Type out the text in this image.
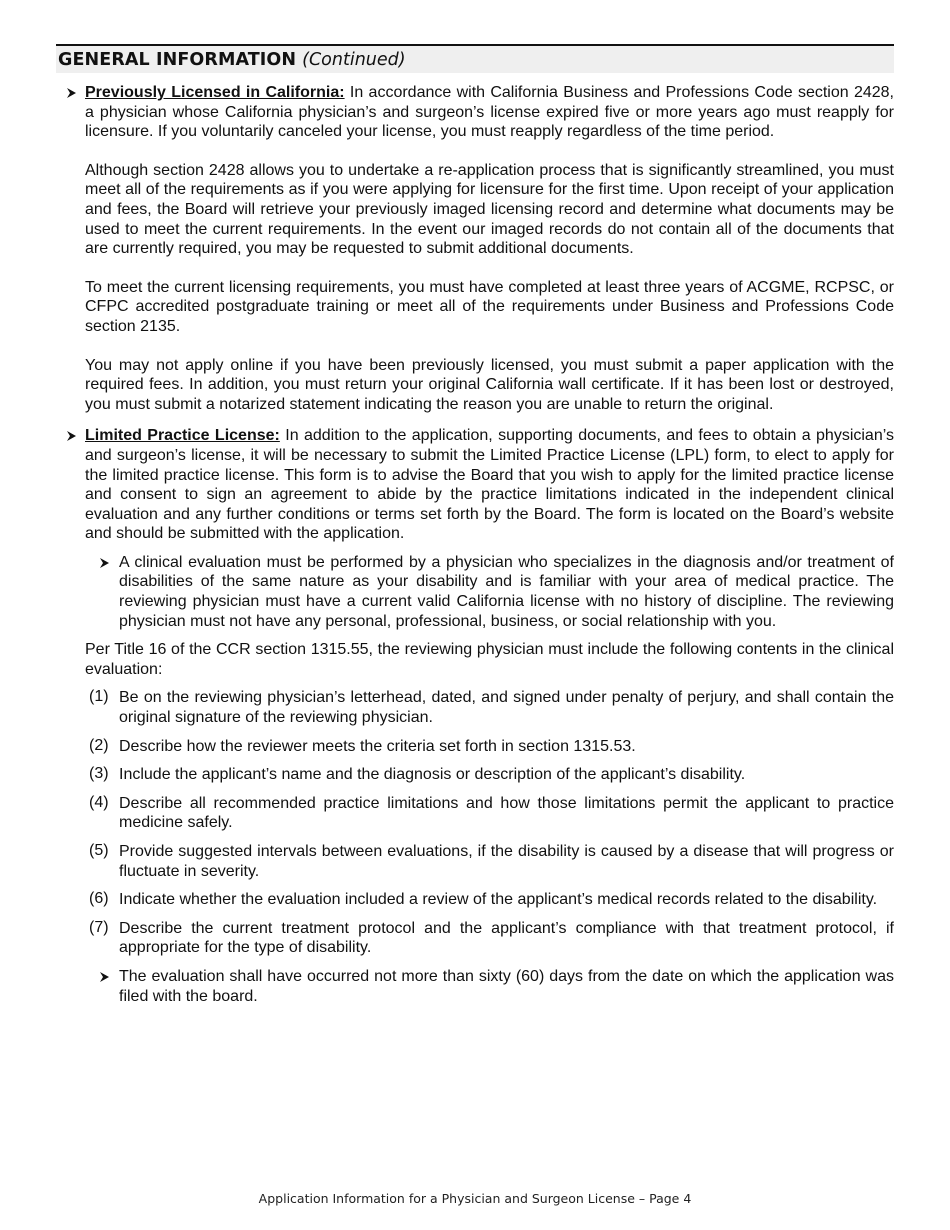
GENERAL INFORMATION (Continued)

Previously Licensed in California: In accordance with California Business and Professions Code section 2428, a physician whose California physician’s and surgeon’s license expired five or more years ago must reapply for licensure. If you voluntarily canceled your license, you must reapply regardless of the time period.

Although section 2428 allows you to undertake a re-application process that is significantly streamlined, you must meet all of the requirements as if you were applying for licensure for the first time. Upon receipt of your application and fees, the Board will retrieve your previously imaged licensing record and determine what documents may be used to meet the current requirements. In the event our imaged records do not contain all of the documents that are currently required, you may be requested to submit additional documents.

To meet the current licensing requirements, you must have completed at least three years of ACGME, RCPSC, or CFPC accredited postgraduate training or meet all of the requirements under Business and Professions Code section 2135.

You may not apply online if you have been previously licensed, you must submit a paper application with the required fees. In addition, you must return your original California wall certificate. If it has been lost or destroyed, you must submit a notarized statement indicating the reason you are unable to return the original.

Limited Practice License: In addition to the application, supporting documents, and fees to obtain a physician’s and surgeon’s license, it will be necessary to submit the Limited Practice License (LPL) form, to elect to apply for the limited practice license. This form is to advise the Board that you wish to apply for the limited practice license and consent to sign an agreement to abide by the practice limitations indicated in the independent clinical evaluation and any further conditions or terms set forth by the Board. The form is located on the Board’s website and should be submitted with the application.

A clinical evaluation must be performed by a physician who specializes in the diagnosis and/or treatment of disabilities of the same nature as your disability and is familiar with your area of medical practice. The reviewing physician must have a current valid California license with no history of discipline. The reviewing physician must not have any personal, professional, business, or social relationship with you.

Per Title 16 of the CCR section 1315.55, the reviewing physician must include the following contents in the clinical evaluation:

(1) Be on the reviewing physician’s letterhead, dated, and signed under penalty of perjury, and shall contain the original signature of the reviewing physician.

(2) Describe how the reviewer meets the criteria set forth in section 1315.53.

(3) Include the applicant’s name and the diagnosis or description of the applicant’s disability.

(4) Describe all recommended practice limitations and how those limitations permit the applicant to practice medicine safely.

(5) Provide suggested intervals between evaluations, if the disability is caused by a disease that will progress or fluctuate in severity.

(6) Indicate whether the evaluation included a review of the applicant’s medical records related to the disability.

(7) Describe the current treatment protocol and the applicant’s compliance with that treatment protocol, if appropriate for the type of disability.

The evaluation shall have occurred not more than sixty (60) days from the date on which the application was filed with the board.

Application Information for a Physician and Surgeon License – Page 4
